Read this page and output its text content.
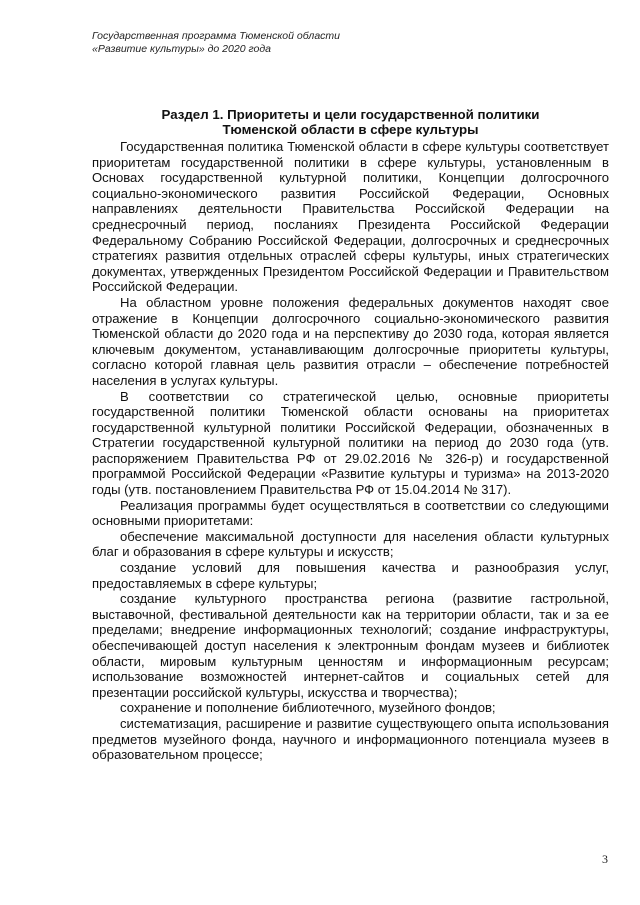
Государственная программа Тюменской области
«Развитие культуры» до 2020 года
Раздел 1. Приоритеты и цели государственной политики
Тюменской области в сфере культуры

Государственная политика Тюменской области в сфере культуры соответствует приоритетам государственной политики в сфере культуры, установленным в Основах государственной культурной политики, Концепции долгосрочного социально-экономического развития Российской Федерации, Основных направлениях деятельности Правительства Российской Федерации на среднесрочный период, посланиях Президента Российской Федерации Федеральному Собранию Российской Федерации, долгосрочных и среднесрочных стратегиях развития отдельных отраслей сферы культуры, иных стратегических документах, утвержденных Президентом Российской Федерации и Правительством Российской Федерации.

На областном уровне положения федеральных документов находят свое отражение в Концепции долгосрочного социально-экономического развития Тюменской области до 2020 года и на перспективу до 2030 года, которая является ключевым документом, устанавливающим долгосрочные приоритеты культуры, согласно которой главная цель развития отрасли – обеспечение потребностей населения в услугах культуры.

В соответствии со стратегической целью, основные приоритеты государственной политики Тюменской области основаны на приоритетах государственной культурной политики Российской Федерации, обозначенных в Стратегии государственной культурной политики на период до 2030 года (утв. распоряжением Правительства РФ от 29.02.2016 № 326-р) и государственной программой Российской Федерации «Развитие культуры и туризма» на 2013-2020 годы (утв. постановлением Правительства РФ от 15.04.2014 № 317).

Реализация программы будет осуществляться в соответствии со следующими основными приоритетами:

обеспечение максимальной доступности для населения области культурных благ и образования в сфере культуры и искусств;

создание условий для повышения качества и разнообразия услуг, предоставляемых в сфере культуры;

создание культурного пространства региона (развитие гастрольной, выставочной, фестивальной деятельности как на территории области, так и за ее пределами; внедрение информационных технологий; создание инфраструктуры, обеспечивающей доступ населения к электронным фондам музеев и библиотек области, мировым культурным ценностям и информационным ресурсам; использование возможностей интернет-сайтов и социальных сетей для презентации российской культуры, искусства и творчества);

сохранение и пополнение библиотечного, музейного фондов;

систематизация, расширение и развитие существующего опыта использования предметов музейного фонда, научного и информационного потенциала музеев в образовательном процессе;

3
